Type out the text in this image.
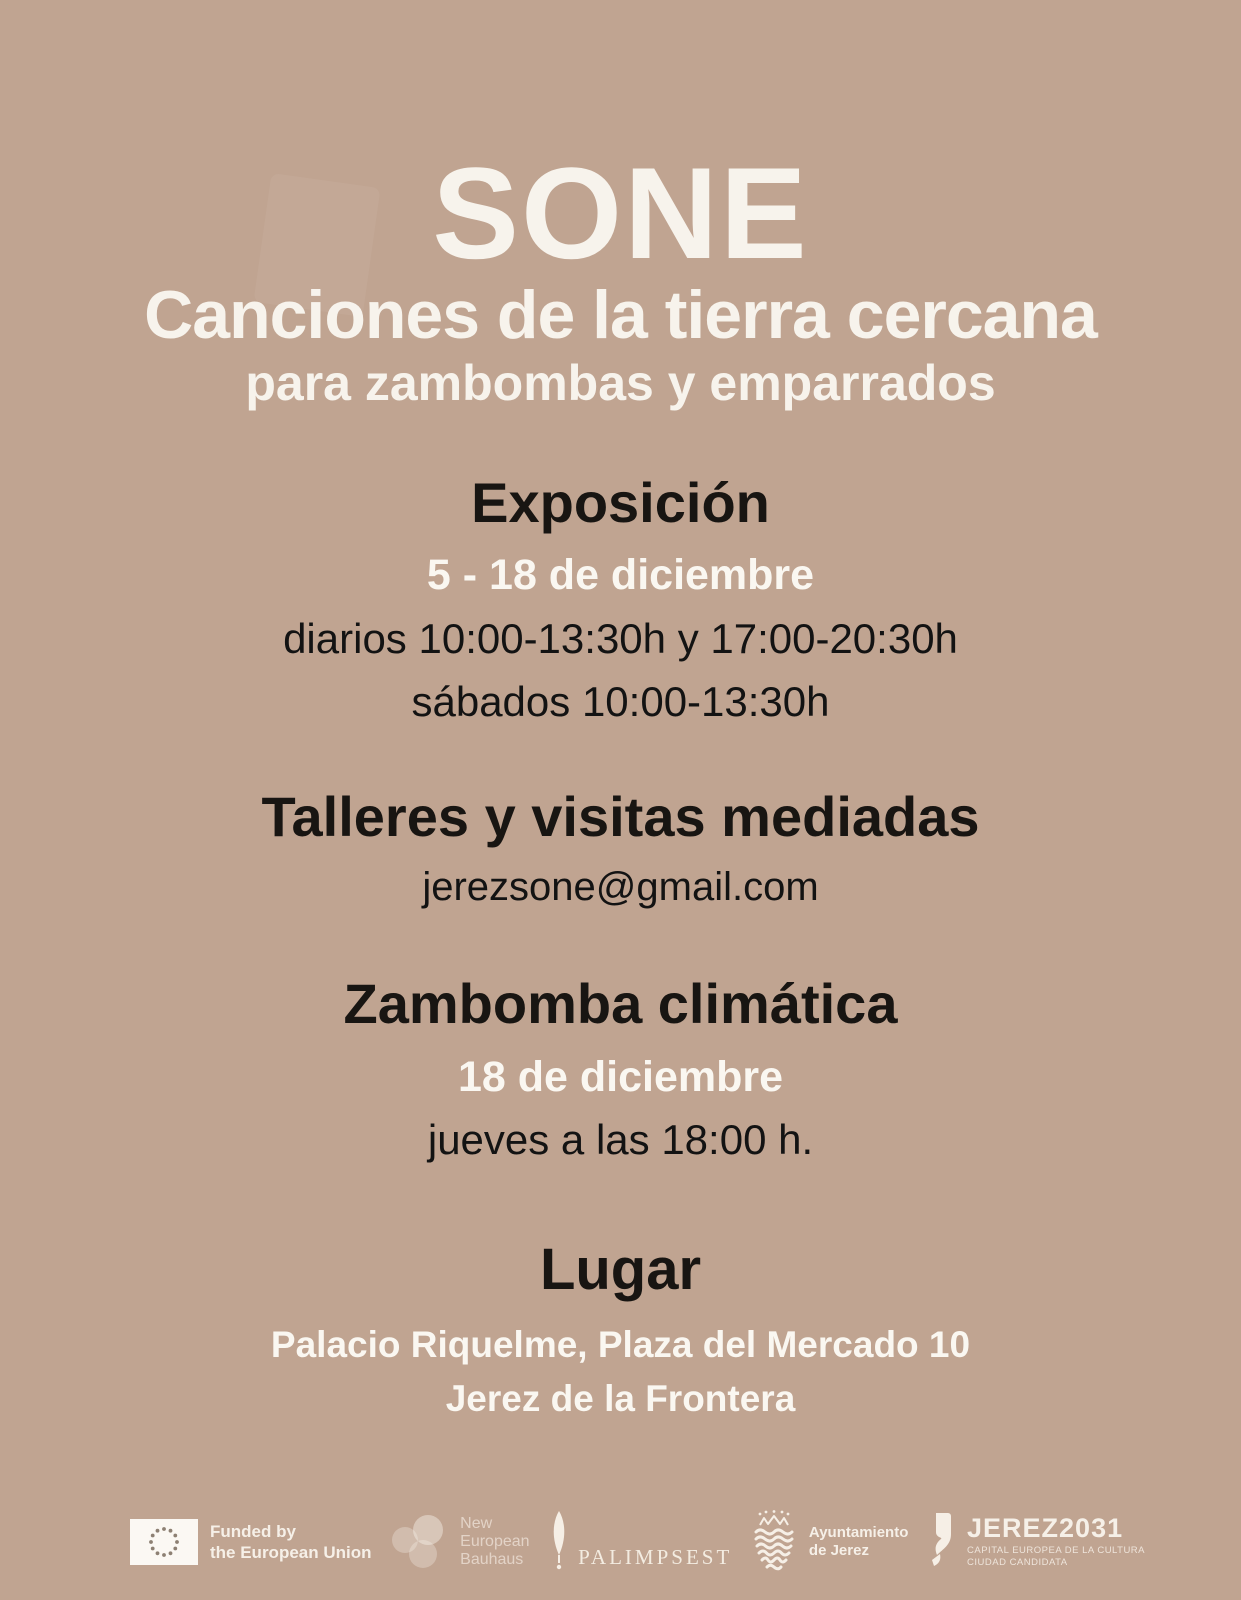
SONE
Canciones de la tierra cercana
para zambombas y emparrados
Exposición

5 - 18 de diciembre

diarios 10:00-13:30h y 17:00-20:30h

sábados 10:00-13:30h

Talleres y visitas mediadas

jerezsone@gmail.com

Zambomba climática

18 de diciembre

jueves a las 18:00 h.

Lugar

Palacio Riquelme, Plaza del Mercado 10

Jerez de la Frontera

Funded by
the European Union
New
European
Bauhaus	PALIMPSEST
Ayuntamiento
de Jerez
JEREZ2031
CAPITAL EUROPEA DE LA CULTURA
CIUDAD CANDIDATA
